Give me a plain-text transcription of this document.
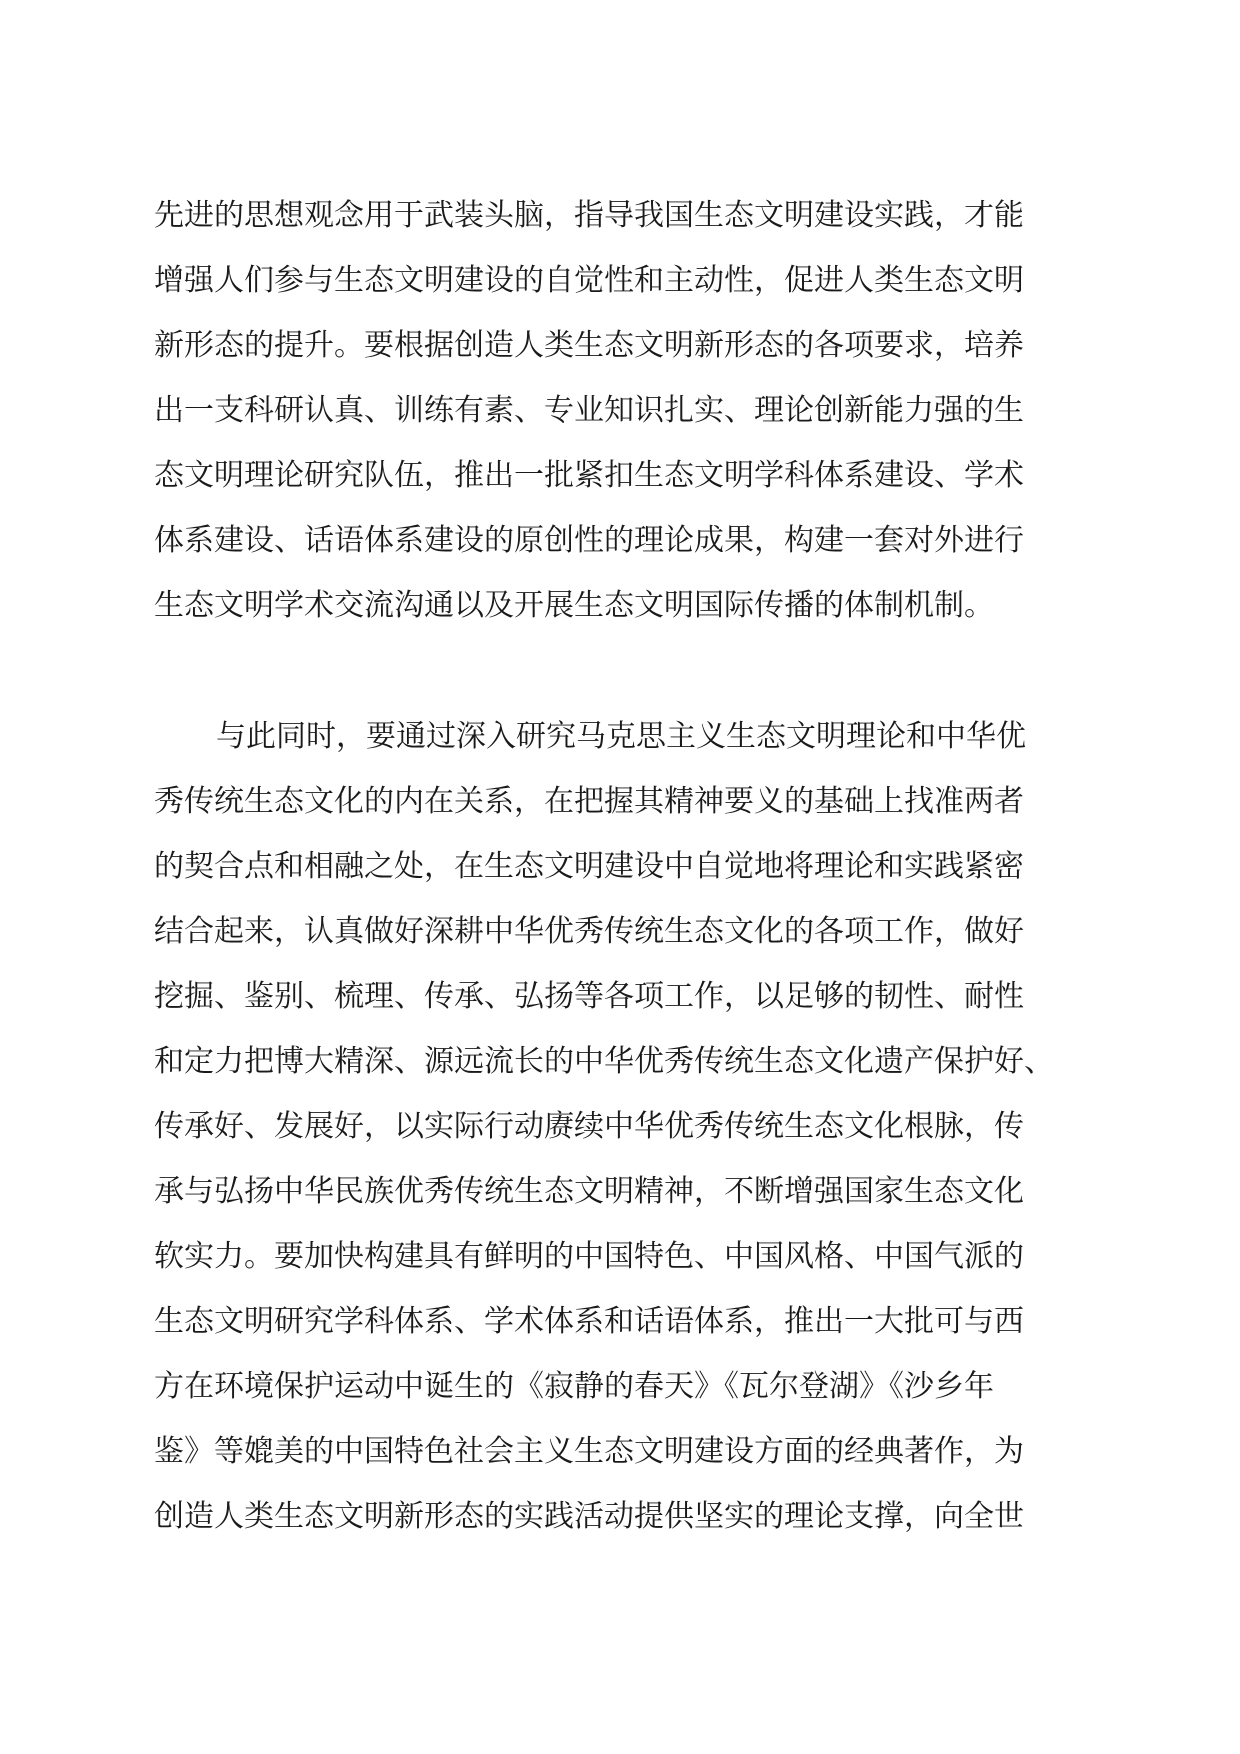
先进的思想观念用于武装头脑，指导我国生态文明建设实践，才能
增强人们参与生态文明建设的自觉性和主动性，促进人类生态文明
新形态的提升。要根据创造人类生态文明新形态的各项要求，培养
出一支科研认真、训练有素、专业知识扎实、理论创新能力强的生
态文明理论研究队伍，推出一批紧扣生态文明学科体系建设、学术
体系建设、话语体系建设的原创性的理论成果，构建一套对外进行
生态文明学术交流沟通以及开展生态文明国际传播的体制机制。

与此同时，要通过深入研究马克思主义生态文明理论和中华优
秀传统生态文化的内在关系，在把握其精神要义的基础上找准两者
的契合点和相融之处，在生态文明建设中自觉地将理论和实践紧密
结合起来，认真做好深耕中华优秀传统生态文化的各项工作，做好
挖掘、鉴别、梳理、传承、弘扬等各项工作，以足够的韧性、耐性
和定力把博大精深、源远流长的中华优秀传统生态文化遗产保护好、
传承好、发展好，以实际行动赓续中华优秀传统生态文化根脉，传
承与弘扬中华民族优秀传统生态文明精神，不断增强国家生态文化
软实力。要加快构建具有鲜明的中国特色、中国风格、中国气派的
生态文明研究学科体系、学术体系和话语体系，推出一大批可与西
方在环境保护运动中诞生的《寂静的春天》《瓦尔登湖》《沙乡年
鉴》等媲美的中国特色社会主义生态文明建设方面的经典著作，为
创造人类生态文明新形态的实践活动提供坚实的理论支撑，向全世
